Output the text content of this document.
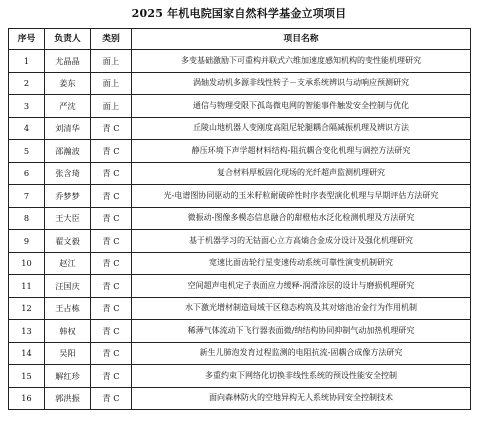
2025 年机电院国家自然科学基金立项项目
序号	负责人	类别	项目名称
1	尤晶晶	面上	多变基础激励下可重构并联式六维加速度感知机构的变性能机理研究
2	姜东	面上	涡轴发动机多源非线性转子－支承系统辨识与动响应预测研究
3	严沈	面上	通信与物理受限下孤岛微电网的智能事件触发安全控制与优化
4	刘清华	青 C	丘陵山地机器人变刚度高阻尼轮腿耦合隔减振机理及辨识方法
5	邵瀚波	青 C	静压环境下声学超材料结构-阻抗耦合变化机理与调控方法研究
6	张含琦	青 C	复合材料厚板固化现场的光纤超声监测机理研究
7	乔梦梦	青 C	光-电谱图协同驱动的玉米籽粒耐破碎性时序表型演化机理与早期评估方法研究
8	王大臣	青 C	微振动-图像多模态信息融合的甜橙枯水泛化检测机理及方法研究
9	翟文毅	青 C	基于机器学习的无钴面心立方高熵合金成分设计及强化机理研究
10	赵江	青 C	宽速比面齿轮行星变速传动系统可靠性演变机制研究
11	汪国庆	青 C	空间超声电机定子表面应力缓释-润滑涂层的设计与磨损机理研究
12	王占栋	青 C	水下激光增材制造局域干区稳态构筑及其对熔池冶金行为作用机制
13	韩权	青 C	稀薄气体流动下飞行器表面微/纳结构协同抑制气动加热机理研究
14	吴阳	青 C	新生儿肺泡发育过程监测的电阻抗流-固耦合成像方法研究
15	解红珍	青 C	多重约束下网络化切换非线性系统的预设性能安全控制
16	郭洪振	青 C	面向森林防火的空地异构无人系统协同安全控制技术
